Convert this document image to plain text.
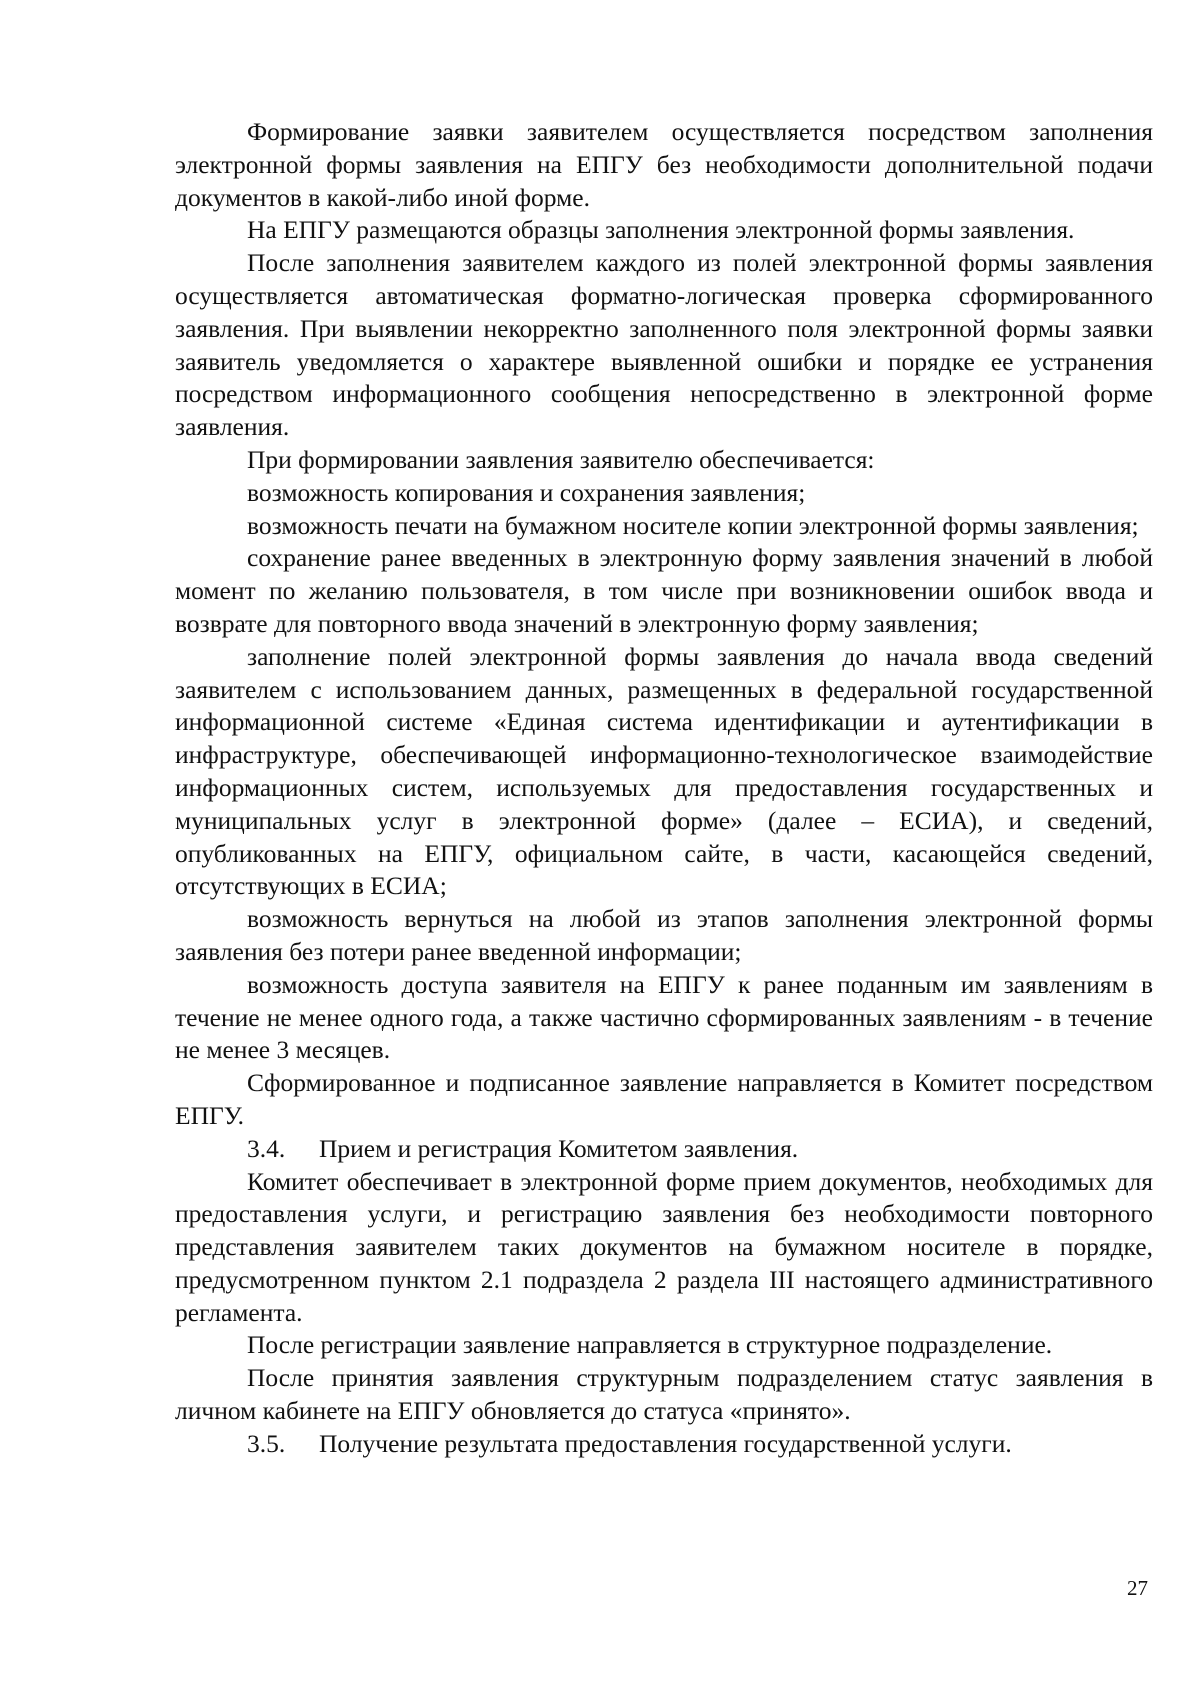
Формирование заявки заявителем осуществляется посредством заполнения электронной формы заявления на ЕПГУ без необходимости дополнительной подачи документов в какой-либо иной форме.

На ЕПГУ размещаются образцы заполнения электронной формы заявления.

После заполнения заявителем каждого из полей электронной формы заявления осуществляется автоматическая форматно-логическая проверка сформированного заявления. При выявлении некорректно заполненного поля электронной формы заявки заявитель уведомляется о характере выявленной ошибки и порядке ее устранения посредством информационного сообщения непосредственно в электронной форме заявления.

При формировании заявления заявителю обеспечивается:

возможность копирования и сохранения заявления;

возможность печати на бумажном носителе копии электронной формы заявления;

сохранение ранее введенных в электронную форму заявления значений в любой момент по желанию пользователя, в том числе при возникновении ошибок ввода и возврате для повторного ввода значений в электронную форму заявления;

заполнение полей электронной формы заявления до начала ввода сведений заявителем с использованием данных, размещенных в федеральной государственной информационной системе «Единая система идентификации и аутентификации в инфраструктуре, обеспечивающей информационно-технологическое взаимодействие информационных систем, используемых для предоставления государственных и муниципальных услуг в электронной форме» (далее – ЕСИА), и сведений, опубликованных на ЕПГУ, официальном сайте, в части, касающейся сведений, отсутствующих в ЕСИА;

возможность вернуться на любой из этапов заполнения электронной формы заявления без потери ранее введенной информации;

возможность доступа заявителя на ЕПГУ к ранее поданным им заявлениям в течение не менее одного года, а также частично сформированных заявлениям - в течение не менее 3 месяцев.

Сформированное и подписанное заявление направляется в Комитет посредством ЕПГУ.

3.4. Прием и регистрация Комитетом заявления.

Комитет обеспечивает в электронной форме прием документов, необходимых для предоставления услуги, и регистрацию заявления без необходимости повторного представления заявителем таких документов на бумажном носителе в порядке, предусмотренном пунктом 2.1 подраздела 2 раздела III настоящего административного регламента.

После регистрации заявление направляется в структурное подразделение.

После принятия заявления структурным подразделением статус заявления в личном кабинете на ЕПГУ обновляется до статуса «принято».

3.5. Получение результата предоставления государственной услуги.

27
